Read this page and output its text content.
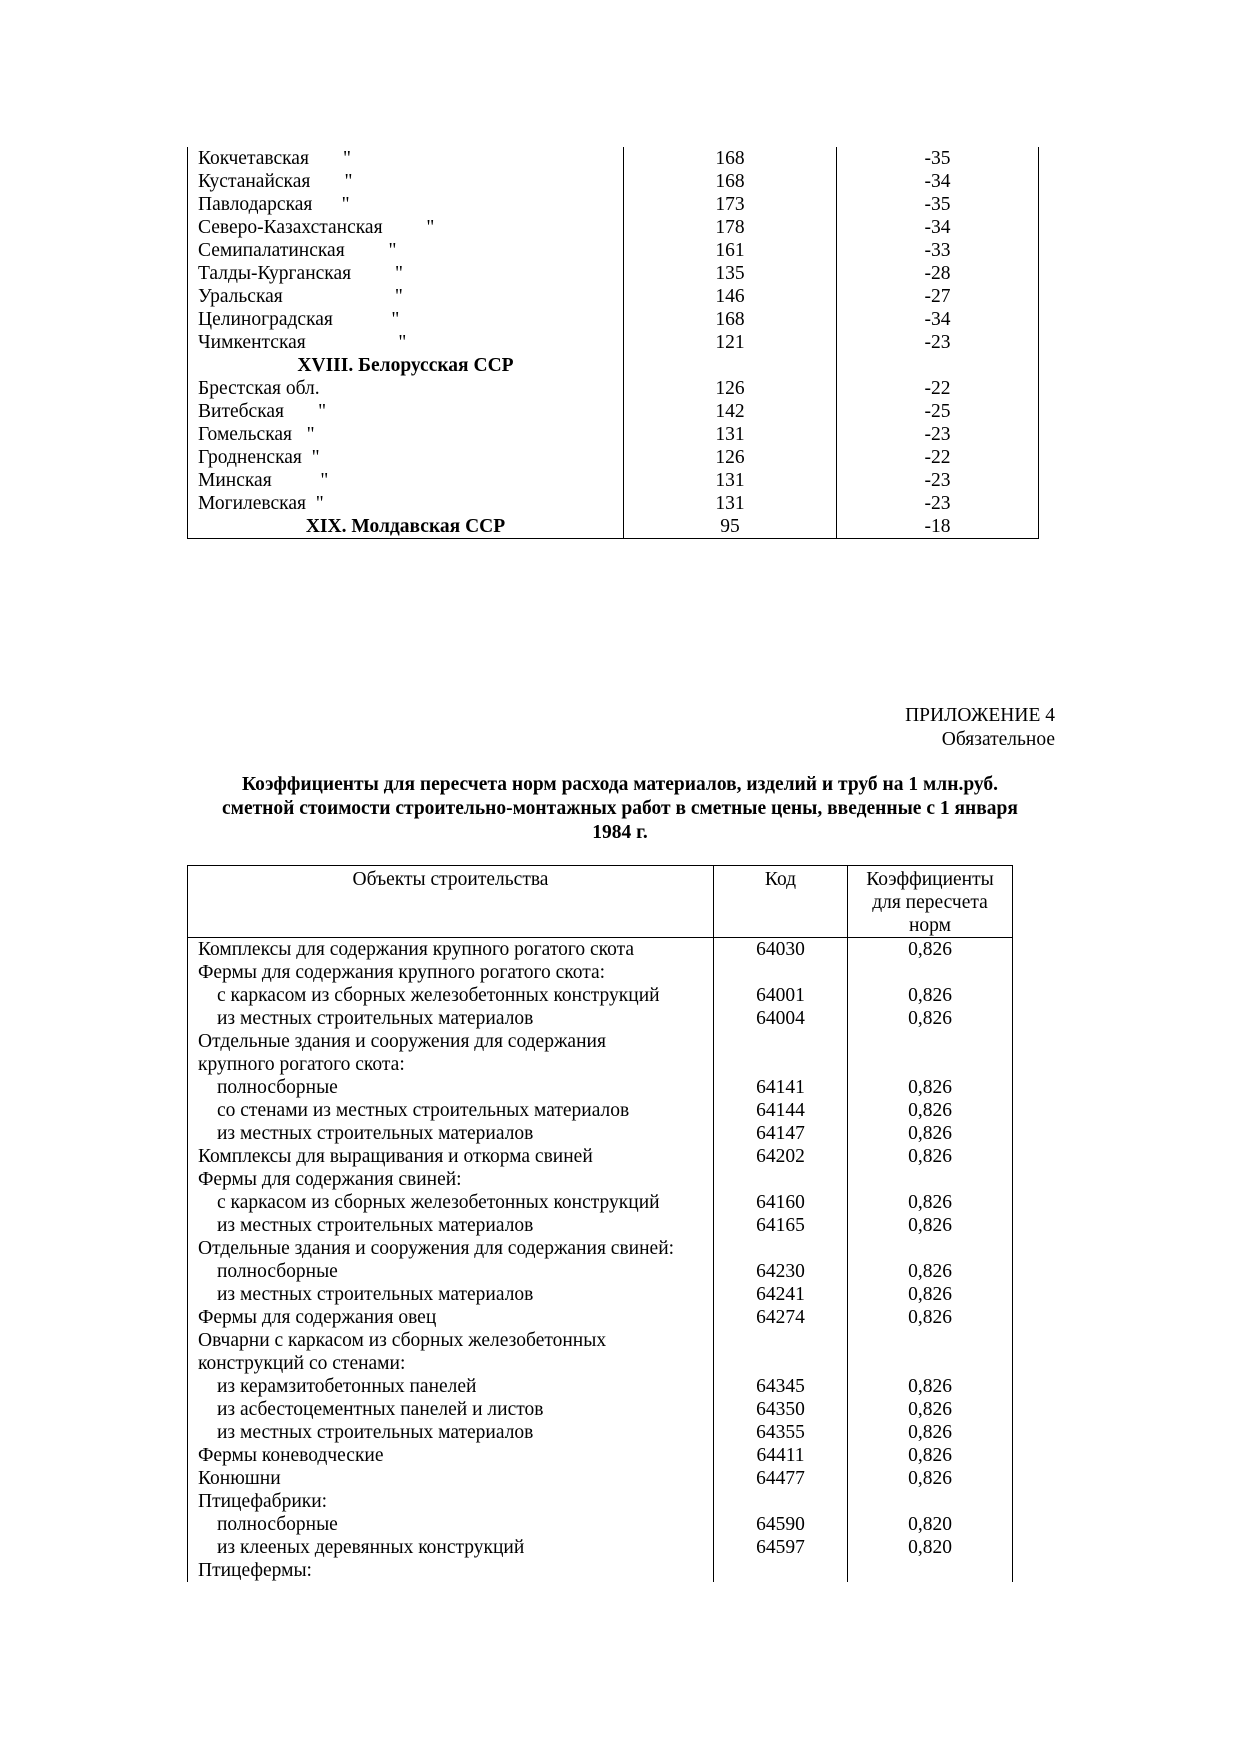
Кокчетавская       "	168	-35
Кустанайская       "	168	-34
Павлодарская      "	173	-35
Северо-Казахстанская         "	178	-34
Семипалатинская         "	161	-33
Талды-Курганская         "	135	-28
Уральская                       "	146	-27
Целиноградская            "	168	-34
Чимкентская                   "	121	-23
XVIII. Белорусская ССР		
Брестская обл.	126	-22
Витебская       "	142	-25
Гомельская   "	131	-23
Гродненская  "	126	-22
Минская          "	131	-23
Могилевская  "	131	-23
XIX. Молдавская ССР	95	-18
ПРИЛОЖЕНИЕ 4
Обязательное
Коэффициенты для пересчета норм расхода материалов, изделий и труб на 1 млн.руб.
сметной стоимости строительно-монтажных работ в сметные цены, введенные с 1 января
1984 г.
Объекты строительства	Код	Коэффициенты
для пересчета
норм

Комплексы для содержания крупного рогатого скота	64030	0,826
Фермы для содержания крупного рогатого скота:		
с каркасом из сборных железобетонных конструкций	64001	0,826
из местных строительных материалов	64004	0,826
Отдельные здания и сооружения для содержания		
крупного рогатого скота:		
полносборные	64141	0,826
со стенами из местных строительных материалов	64144	0,826
из местных строительных материалов	64147	0,826
Комплексы для выращивания и откорма свиней	64202	0,826
Фермы для содержания свиней:		
с каркасом из сборных железобетонных конструкций	64160	0,826
из местных строительных материалов	64165	0,826
Отдельные здания и сооружения для содержания свиней:		
полносборные	64230	0,826
из местных строительных материалов	64241	0,826
Фермы для содержания овец	64274	0,826
Овчарни с каркасом из сборных железобетонных		
конструкций со стенами:		
из керамзитобетонных панелей	64345	0,826
из асбестоцементных панелей и листов	64350	0,826
из местных строительных материалов	64355	0,826
Фермы коневодческие	64411	0,826
Конюшни	64477	0,826
Птицефабрики:		
полносборные	64590	0,820
из клееных деревянных конструкций	64597	0,820
Птицефермы:		
